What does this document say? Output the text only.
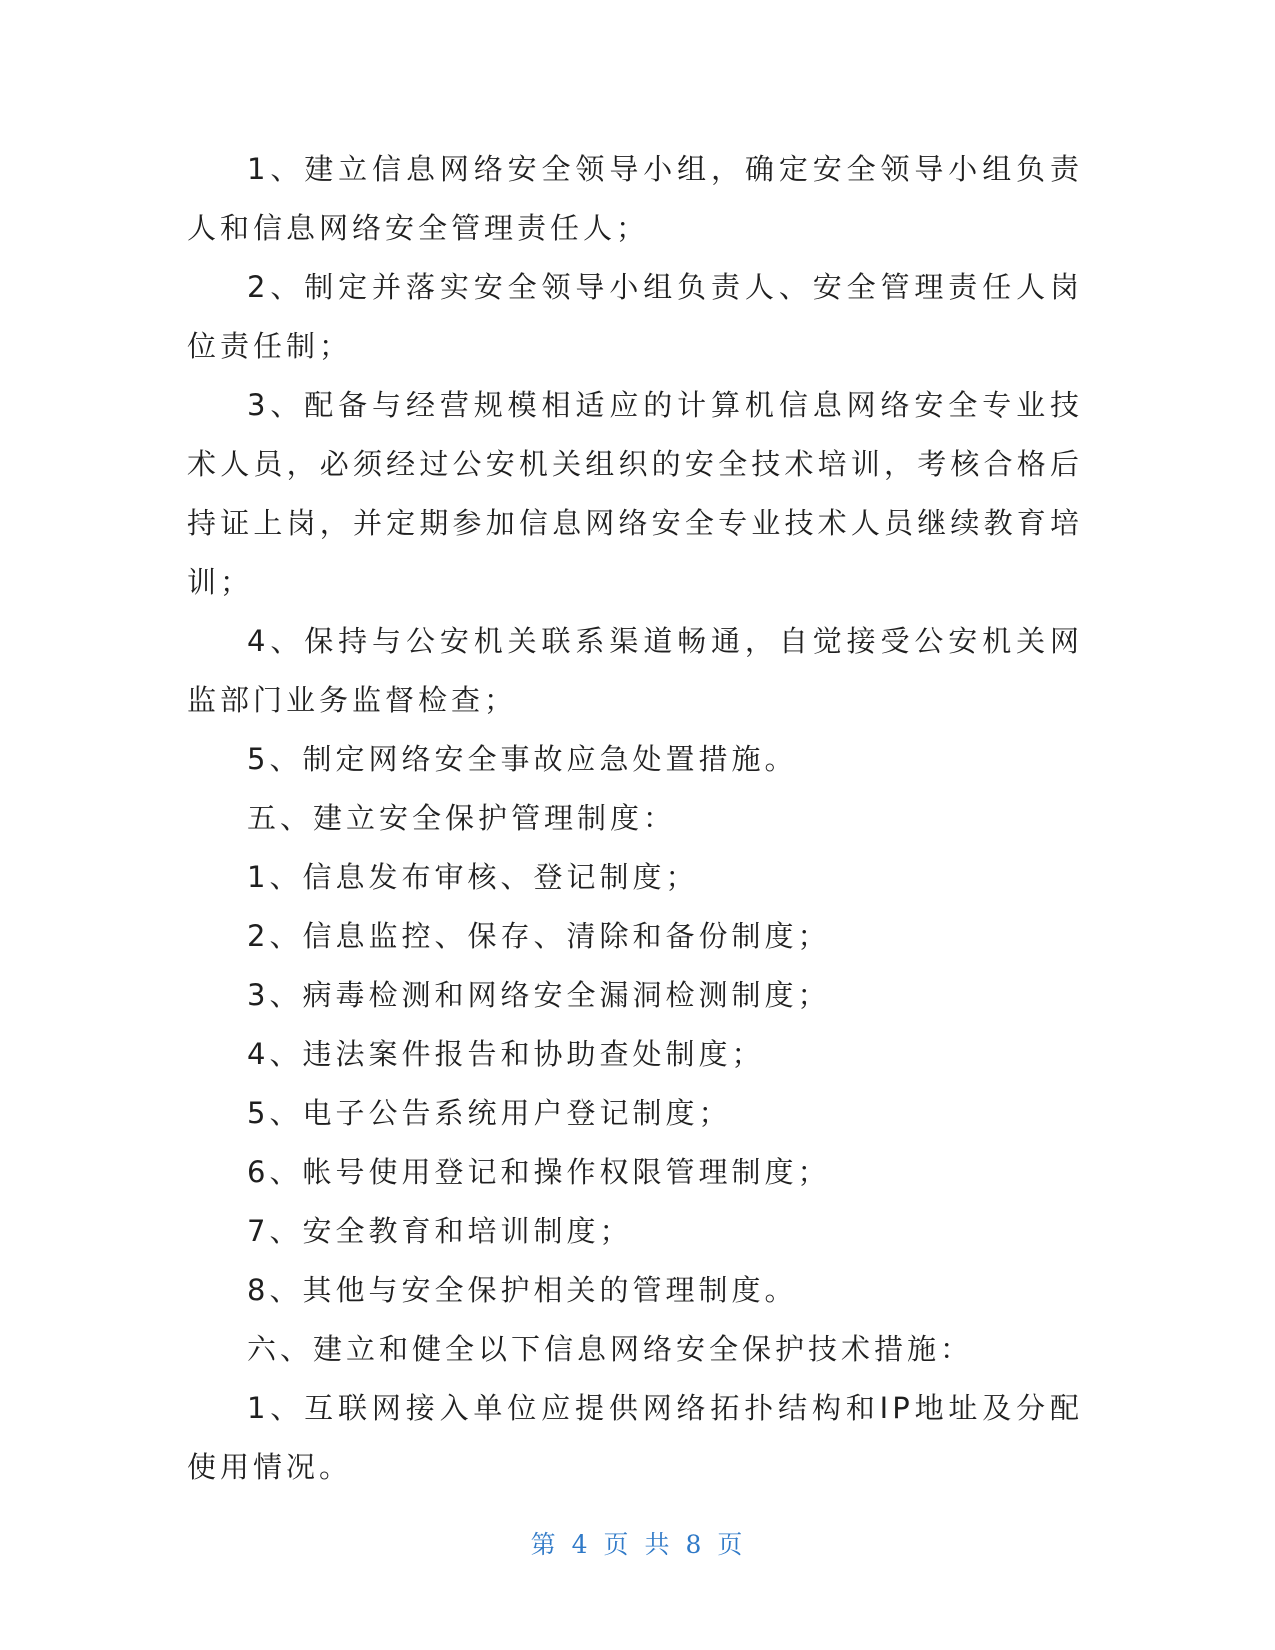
1、建立信息网络安全领导小组，确定安全领导小组负责人和信息网络安全管理责任人；

2、制定并落实安全领导小组负责人、安全管理责任人岗位责任制；

3、配备与经营规模相适应的计算机信息网络安全专业技术人员，必须经过公安机关组织的安全技术培训，考核合格后持证上岗，并定期参加信息网络安全专业技术人员继续教育培训；

4、保持与公安机关联系渠道畅通，自觉接受公安机关网监部门业务监督检查；

5、制定网络安全事故应急处置措施。

五、建立安全保护管理制度：

1、信息发布审核、登记制度；

2、信息监控、保存、清除和备份制度；

3、病毒检测和网络安全漏洞检测制度；

4、违法案件报告和协助查处制度；

5、电子公告系统用户登记制度；

6、帐号使用登记和操作权限管理制度；

7、安全教育和培训制度；

8、其他与安全保护相关的管理制度。

六、建立和健全以下信息网络安全保护技术措施：

1、互联网接入单位应提供网络拓扑结构和IP地址及分配使用情况。

第 4 页 共 8 页
